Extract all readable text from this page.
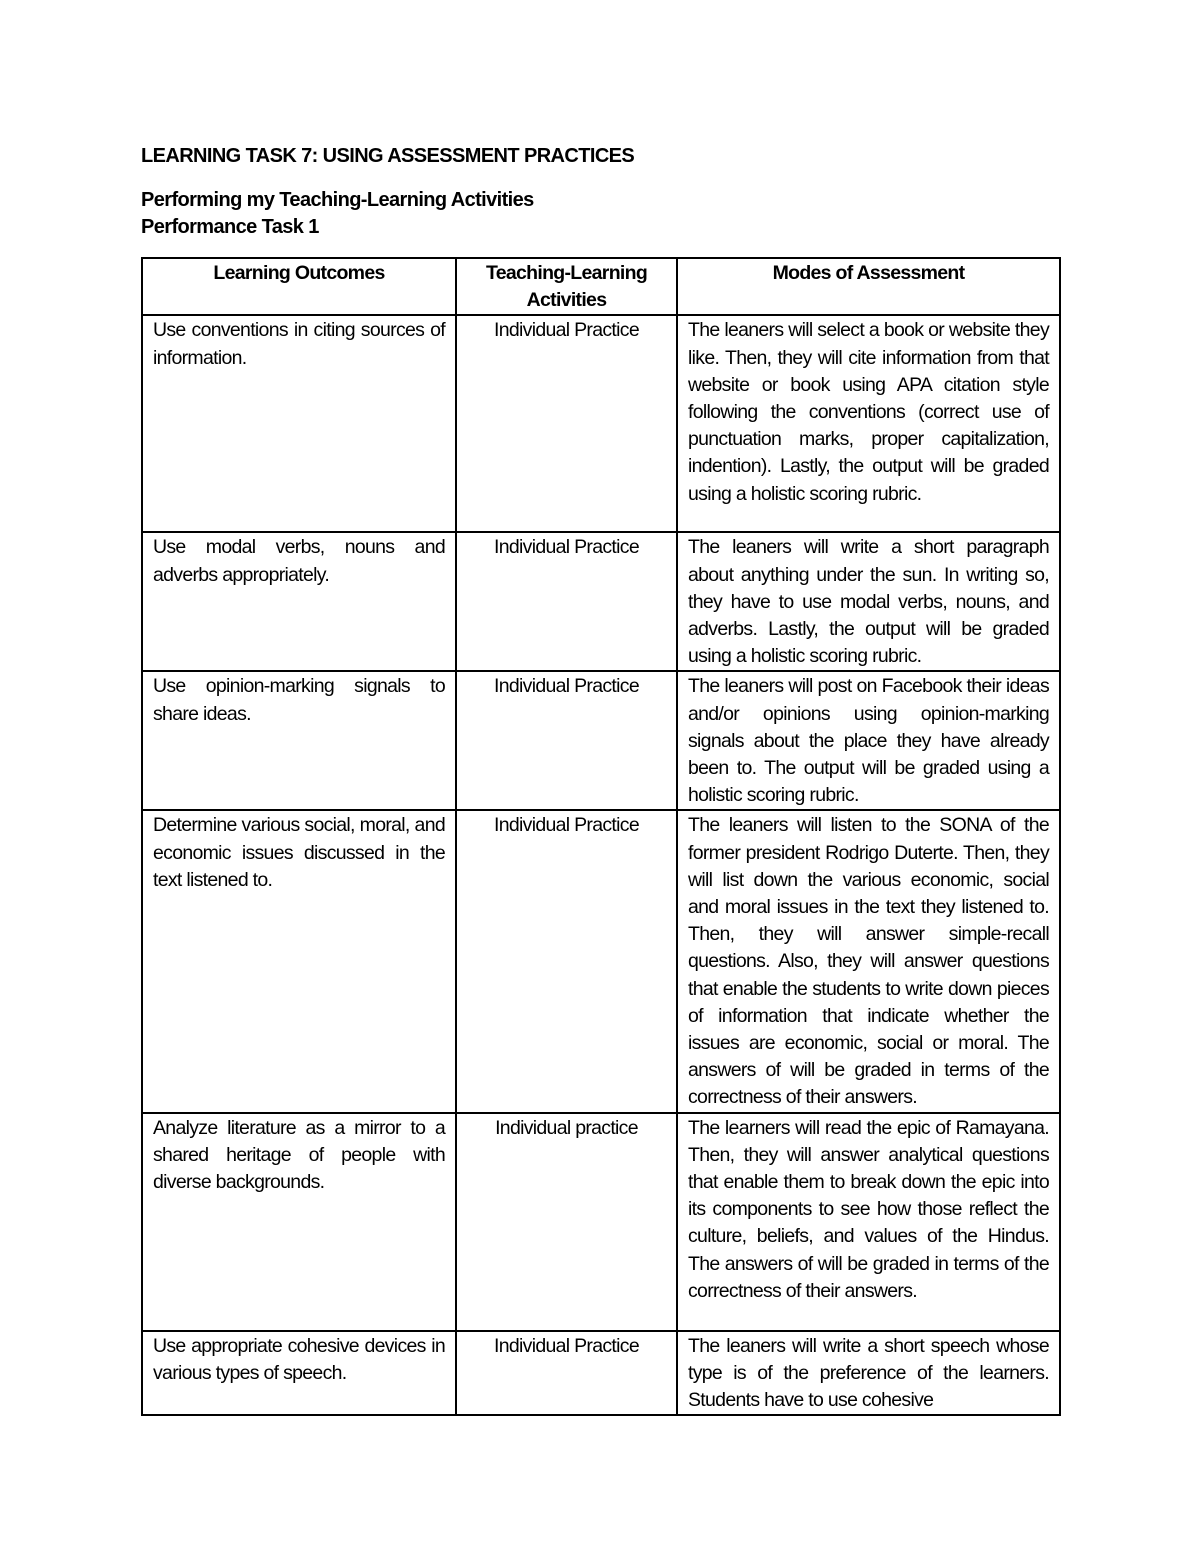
LEARNING TASK 7: USING ASSESSMENT PRACTICES
Performing my Teaching-Learning Activities
Performance Task 1
Learning Outcomes	Teaching-Learning Activities	Modes of Assessment
Use conventions in citing sources of information.	Individual Practice	The leaners will select a book or website they like. Then, they will cite information from that website or book using APA citation style following the conventions (correct use of punctuation marks, proper capitalization, indention). Lastly, the output will be graded using a holistic scoring rubric.
Use modal verbs, nouns and adverbs appropriately.	Individual Practice	The leaners will write a short paragraph about anything under the sun. In writing so, they have to use modal verbs, nouns, and adverbs. Lastly, the output will be graded using a holistic scoring rubric.
Use opinion-marking signals to share ideas.	Individual Practice	The leaners will post on Facebook their ideas and/or opinions using opinion-marking signals about the place they have already been to. The output will be graded using a holistic scoring rubric.
Determine various social, moral, and economic issues discussed in the text listened to.	Individual Practice	The leaners will listen to the SONA of the former president Rodrigo Duterte. Then, they will list down the various economic, social and moral issues in the text they listened to. Then, they will answer simple-recall questions. Also, they will answer questions that enable the students to write down pieces of information that indicate whether the issues are economic, social or moral. The answers of will be graded in terms of the correctness of their answers.
Analyze literature as a mirror to a shared heritage of people with diverse backgrounds.	Individual practice	The learners will read the epic of Ramayana. Then, they will answer analytical questions that enable them to break down the epic into its components to see how those reflect the culture, beliefs, and values of the Hindus. The answers of will be graded in terms of the correctness of their answers.
Use appropriate cohesive devices in various types of speech.	Individual Practice	The leaners will write a short speech whose type is of the preference of the learners. Students have to use cohesive
